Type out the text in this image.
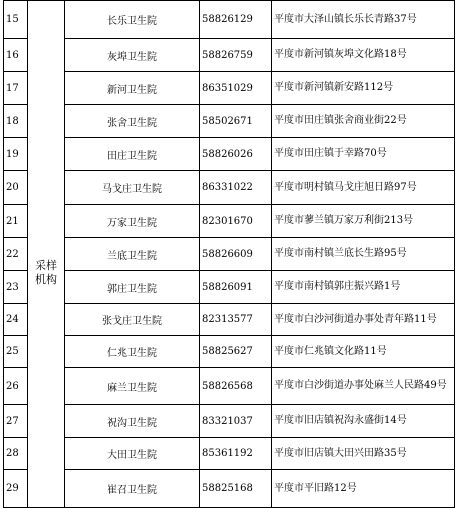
15	采样机构	长乐卫生院	58826129	平度市大泽山镇长乐长青路37号
16		灰埠卫生院	58826759	平度市新河镇灰埠文化路18号
17		新河卫生院	86351029	平度市新河镇新安路112号
18		张舍卫生院	58502671	平度市田庄镇张舍商业街22号
19		田庄卫生院	58826026	平度市田庄镇于幸路70号
20		马戈庄卫生院	86331022	平度市明村镇马戈庄旭日路97号
21		万家卫生院	82301670	平度市蓼兰镇万家万利街213号
22		兰底卫生院	58826609	平度市南村镇兰底长生路95号
23		郭庄卫生院	58826091	平度市南村镇郭庄振兴路1号
24		张戈庄卫生院	82313577	平度市白沙河街道办事处青年路11号
25		仁兆卫生院	58825627	平度市仁兆镇文化路11号
26		麻兰卫生院	58826568	平度市白沙街道办事处麻兰人民路49号
27		祝沟卫生院	83321037	平度市旧店镇祝沟永盛街14号
28		大田卫生院	85361192	平度市旧店镇大田兴田路35号
29		崔召卫生院	58825168	平度市平旧路12号
